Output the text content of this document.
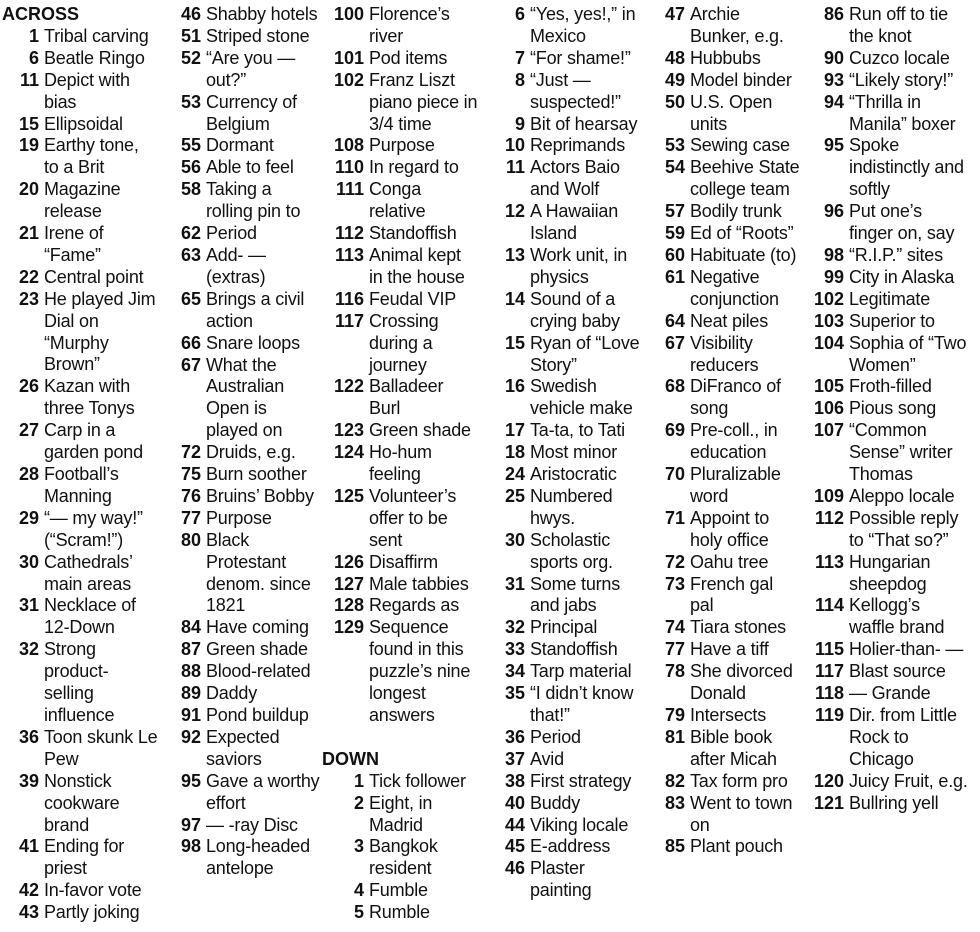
ACROSS
1 Tribal carving
6 Beatle Ringo
11 Depict with bias
15 Ellipsoidal
19 Earthy tone, to a Brit
20 Magazine release
21 Irene of “Fame”
22 Central point
23 He played Jim Dial on “Murphy Brown”
26 Kazan with three Tonys
27 Carp in a garden pond
28 Football’s Manning
29 “— my way!” (“Scram!”)
30 Cathedrals’ main areas
31 Necklace of 12-Down
32 Strong product-selling influence
36 Toon skunk Le Pew
39 Nonstick cookware brand
41 Ending for priest
42 In-favor vote
43 Partly joking
46 Shabby hotels
51 Striped stone
52 “Are you — out?”
53 Currency of Belgium
55 Dormant
56 Able to feel
58 Taking a rolling pin to
62 Period
63 Add- — (extras)
65 Brings a civil action
66 Snare loops
67 What the Australian Open is played on
72 Druids, e.g.
75 Burn soother
76 Bruins’ Bobby
77 Purpose
80 Black Protestant denom. since 1821
84 Have coming
87 Green shade
88 Blood-related
89 Daddy
91 Pond buildup
92 Expected saviors
95 Gave a worthy effort
97 — -ray Disc
98 Long-headed antelope
100 Florence’s river
101 Pod items
102 Franz Liszt piano piece in 3/4 time
108 Purpose
110 In regard to
111 Conga relative
112 Standoffish
113 Animal kept in the house
116 Feudal VIP
117 Crossing during a journey
122 Balladeer Burl
123 Green shade
124 Ho-hum feeling
125 Volunteer’s offer to be sent
126 Disaffirm
127 Male tabbies
128 Regards as
129 Sequence found in this puzzle’s nine longest answers
DOWN
1 Tick follower
2 Eight, in Madrid
3 Bangkok resident
4 Fumble
5 Rumble
6 “Yes, yes!,” in Mexico
7 “For shame!”
8 “Just — suspected!”
9 Bit of hearsay
10 Reprimands
11 Actors Baio and Wolf
12 A Hawaiian Island
13 Work unit, in physics
14 Sound of a crying baby
15 Ryan of “Love Story”
16 Swedish vehicle make
17 Ta-ta, to Tati
18 Most minor
24 Aristocratic
25 Numbered hwys.
30 Scholastic sports org.
31 Some turns and jabs
32 Principal
33 Standoffish
34 Tarp material
35 “I didn’t know that!”
36 Period
37 Avid
38 First strategy
40 Buddy
44 Viking locale
45 E-address
46 Plaster painting
47 Archie Bunker, e.g.
48 Hubbubs
49 Model binder
50 U.S. Open units
53 Sewing case
54 Beehive State college team
57 Bodily trunk
59 Ed of “Roots”
60 Habituate (to)
61 Negative conjunction
64 Neat piles
67 Visibility reducers
68 DiFranco of song
69 Pre-coll., in education
70 Pluralizable word
71 Appoint to holy office
72 Oahu tree
73 French gal pal
74 Tiara stones
77 Have a tiff
78 She divorced Donald
79 Intersects
81 Bible book after Micah
82 Tax form pro
83 Went to town on
85 Plant pouch
86 Run off to tie the knot
90 Cuzco locale
93 “Likely story!”
94 “Thrilla in Manila” boxer
95 Spoke indistinctly and softly
96 Put one’s finger on, say
98 “R.I.P.” sites
99 City in Alaska
102 Legitimate
103 Superior to
104 Sophia of “Two Women”
105 Froth-filled
106 Pious song
107 “Common Sense” writer Thomas
109 Aleppo locale
112 Possible reply to “That so?”
113 Hungarian sheepdog
114 Kellogg’s waffle brand
115 Holier-than- —
117 Blast source
118 — Grande
119 Dir. from Little Rock to Chicago
120 Juicy Fruit, e.g.
121 Bullring yell
